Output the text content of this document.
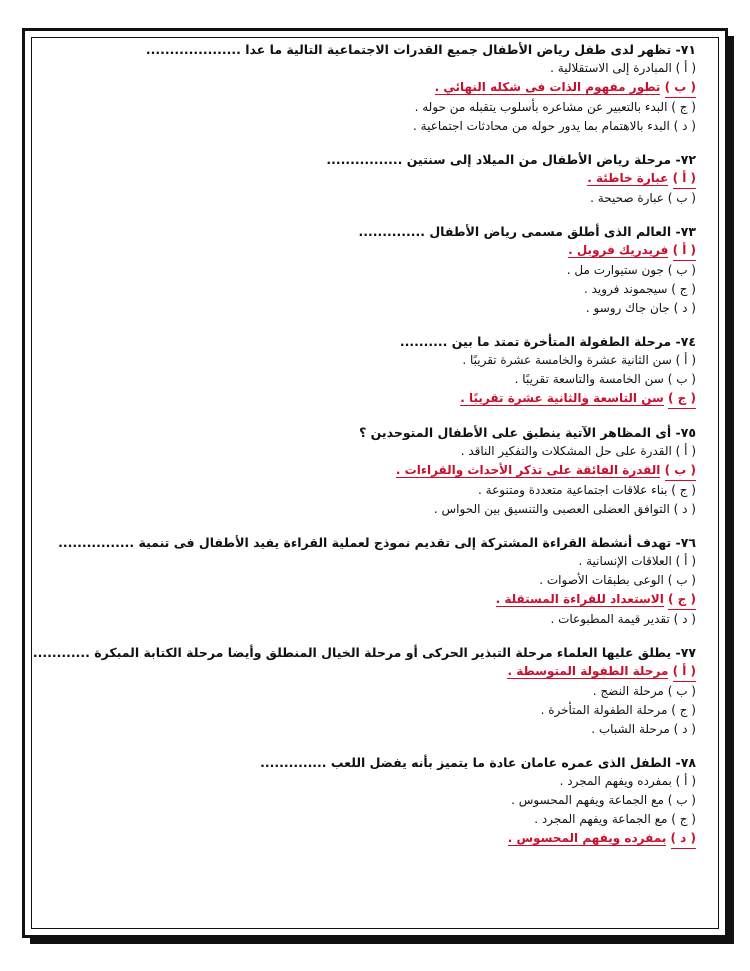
٧١- تظهر لدى طفل رياض الأطفال جميع القدرات الاجتماعية التالية ما عدا ....................
( أ ) المبادرة إلى الاستقلالية .
( ب ) تطور مفهوم الذات فى شكله النهائي .
( ج ) البدء بالتعبير عن مشاعره بأسلوب يتقبله من حوله .
( د ) البدء بالاهتمام بما يدور حوله من محادثات اجتماعية .
٧٢- مرحلة رياض الأطفال من الميلاد إلى سنتين ................
( أ ) عبارة خاطئة .
( ب ) عبارة صحيحة .
٧٣- العالم الذى أطلق مسمى رياض الأطفال ..............
( أ ) فريدريك فروبل .
( ب ) جون ستيوارت مل .
( ج ) سيجموند فرويد .
( د ) جان جاك روسو .
٧٤- مرحلة الطفولة المتأخرة تمتد ما بين ..........
( أ ) سن الثانية عشرة والخامسة عشرة تقريبًا .
( ب ) سن الخامسة والتاسعة تقريبًا .
( ج ) سن التاسعة والثانية عشرة تقريبًا .
٧٥- أى المظاهر الآتية ينطبق على الأطفال المتوحدين ؟
( أ ) القدرة على حل المشكلات والتفكير الناقد .
( ب ) القدرة الفائقة على تذكر الأحداث والقراءات .
( ج ) بناء علاقات اجتماعية متعددة ومتنوعة .
( د ) التوافق العضلى العصبى والتنسيق بين الحواس .
٧٦- تهدف أنشطة القراءة المشتركة إلى تقديم نموذج لعملية القراءة يفيد الأطفال فى تنمية ................
( أ ) العلاقات الإنسانية .
( ب ) الوعى بطبقات الأصوات .
( ج ) الاستعداد للقراءة المستقلة .
( د ) تقدير قيمة المطبوعات .
٧٧- يطلق عليها العلماء مرحلة التبذير الحركى أو مرحلة الخيال المنطلق وأيضا مرحلة الكتابة المبكرة ............
( أ ) مرحلة الطفولة المتوسطة .
( ب ) مرحلة النضج .
( ج ) مرحلة الطفولة المتأخرة .
( د ) مرحلة الشباب .
٧٨- الطفل الذى عمره عامان عادة ما يتميز بأنه يفضل اللعب ..............
( أ ) بمفرده ويفهم المجرد .
( ب ) مع الجماعة ويفهم المحسوس .
( ج ) مع الجماعة ويفهم المجرد .
( د ) بمفرده ويفهم المحسوس .
